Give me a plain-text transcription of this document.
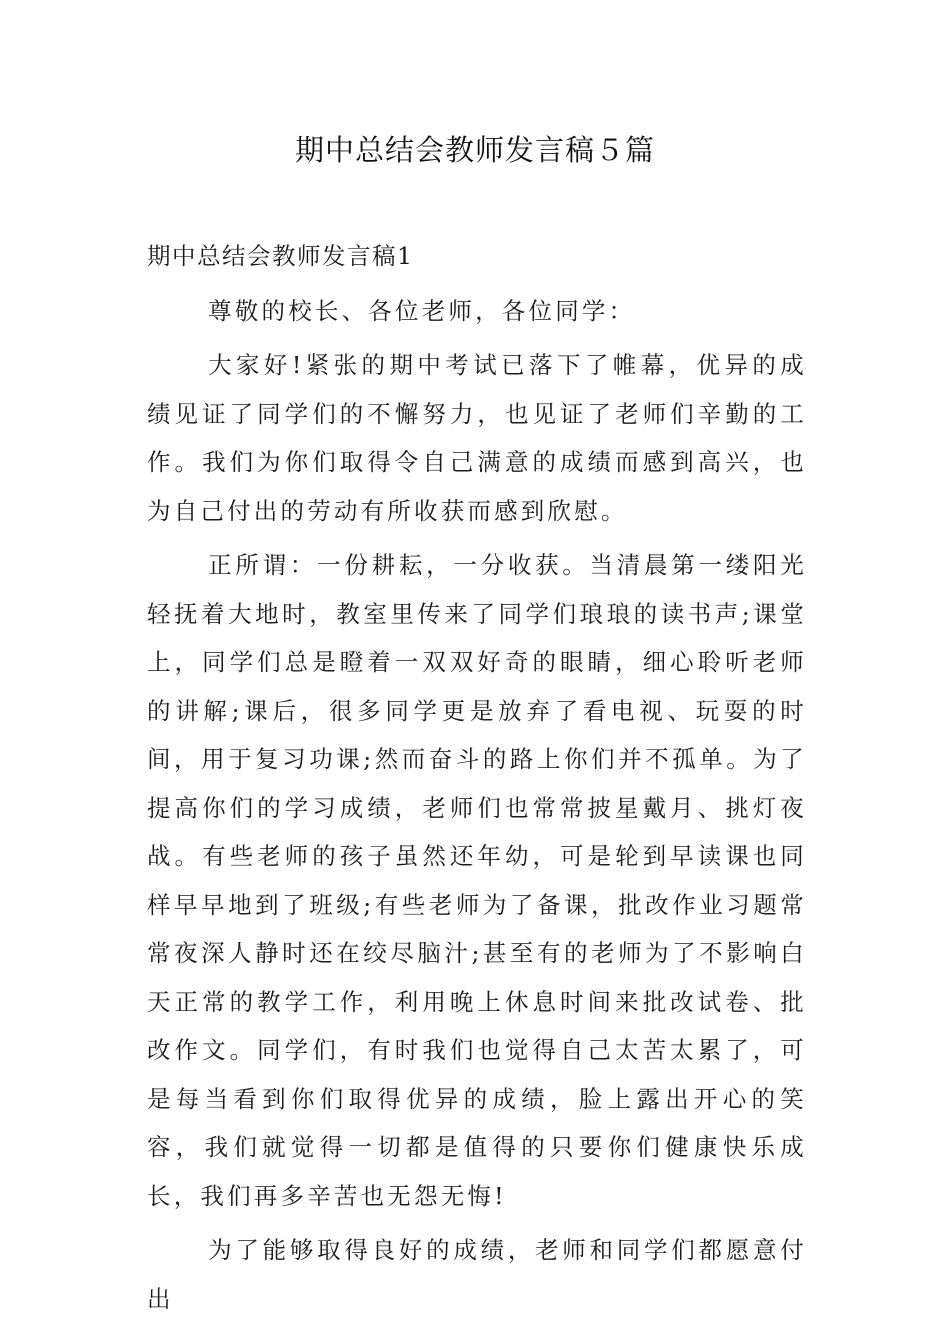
期中总结会教师发言稿５篇

期中总结会教师发言稿1

尊敬的校长、各位老师，各位同学：

大家好!紧张的期中考试已落下了帷幕，优异的成绩见证了同学们的不懈努力，也见证了老师们辛勤的工作。我们为你们取得令自己满意的成绩而感到高兴，也为自己付出的劳动有所收获而感到欣慰。

正所谓：一份耕耘，一分收获。当清晨第一缕阳光轻抚着大地时，教室里传来了同学们琅琅的读书声;课堂上，同学们总是瞪着一双双好奇的眼睛，细心聆听老师的讲解;课后，很多同学更是放弃了看电视、玩耍的时间，用于复习功课;然而奋斗的路上你们并不孤单。为了提高你们的学习成绩，老师们也常常披星戴月、挑灯夜战。有些老师的孩子虽然还年幼，可是轮到早读课也同样早早地到了班级;有些老师为了备课，批改作业习题常常夜深人静时还在绞尽脑汁;甚至有的老师为了不影响白天正常的教学工作，利用晚上休息时间来批改试卷、批改作文。同学们，有时我们也觉得自己太苦太累了，可是每当看到你们取得优异的成绩，脸上露出开心的笑容，我们就觉得一切都是值得的只要你们健康快乐成长，我们再多辛苦也无怨无悔!

为了能够取得良好的成绩，老师和同学们都愿意付出
